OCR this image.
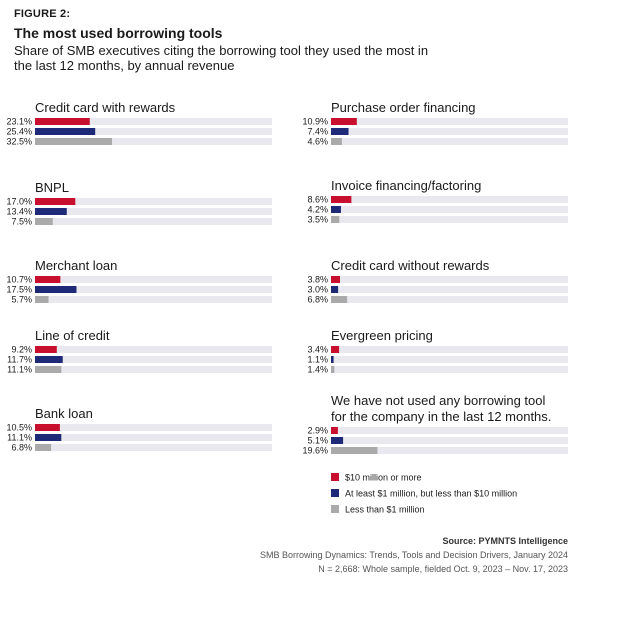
FIGURE 2:
The most used borrowing tools
Share of SMB executives citing the borrowing tool they used the most in the last 12 months, by annual revenue
Credit card with rewards
23.1%
25.4%
32.5%
BNPL
17.0%
13.4%
7.5%
Merchant loan
10.7%
17.5%
5.7%
Line of credit
9.2%
11.7%
11.1%
Bank loan
10.5%
11.1%
6.8%
Purchase order financing
10.9%
7.4%
4.6%
Invoice financing/factoring
8.6%
4.2%
3.5%
Credit card without rewards
3.8%
3.0%
6.8%
Evergreen pricing
3.4%
1.1%
1.4%
We have not used any borrowing tool
for the company in the last 12 months.
2.9%
5.1%
19.6%
$10 million or more
At least $1 million, but less than $10 million
Less than $1 million
Source: PYMNTS Intelligence
SMB Borrowing Dynamics: Trends, Tools and Decision Drivers, January 2024
N = 2,668: Whole sample, fielded Oct. 9, 2023 – Nov. 17, 2023
